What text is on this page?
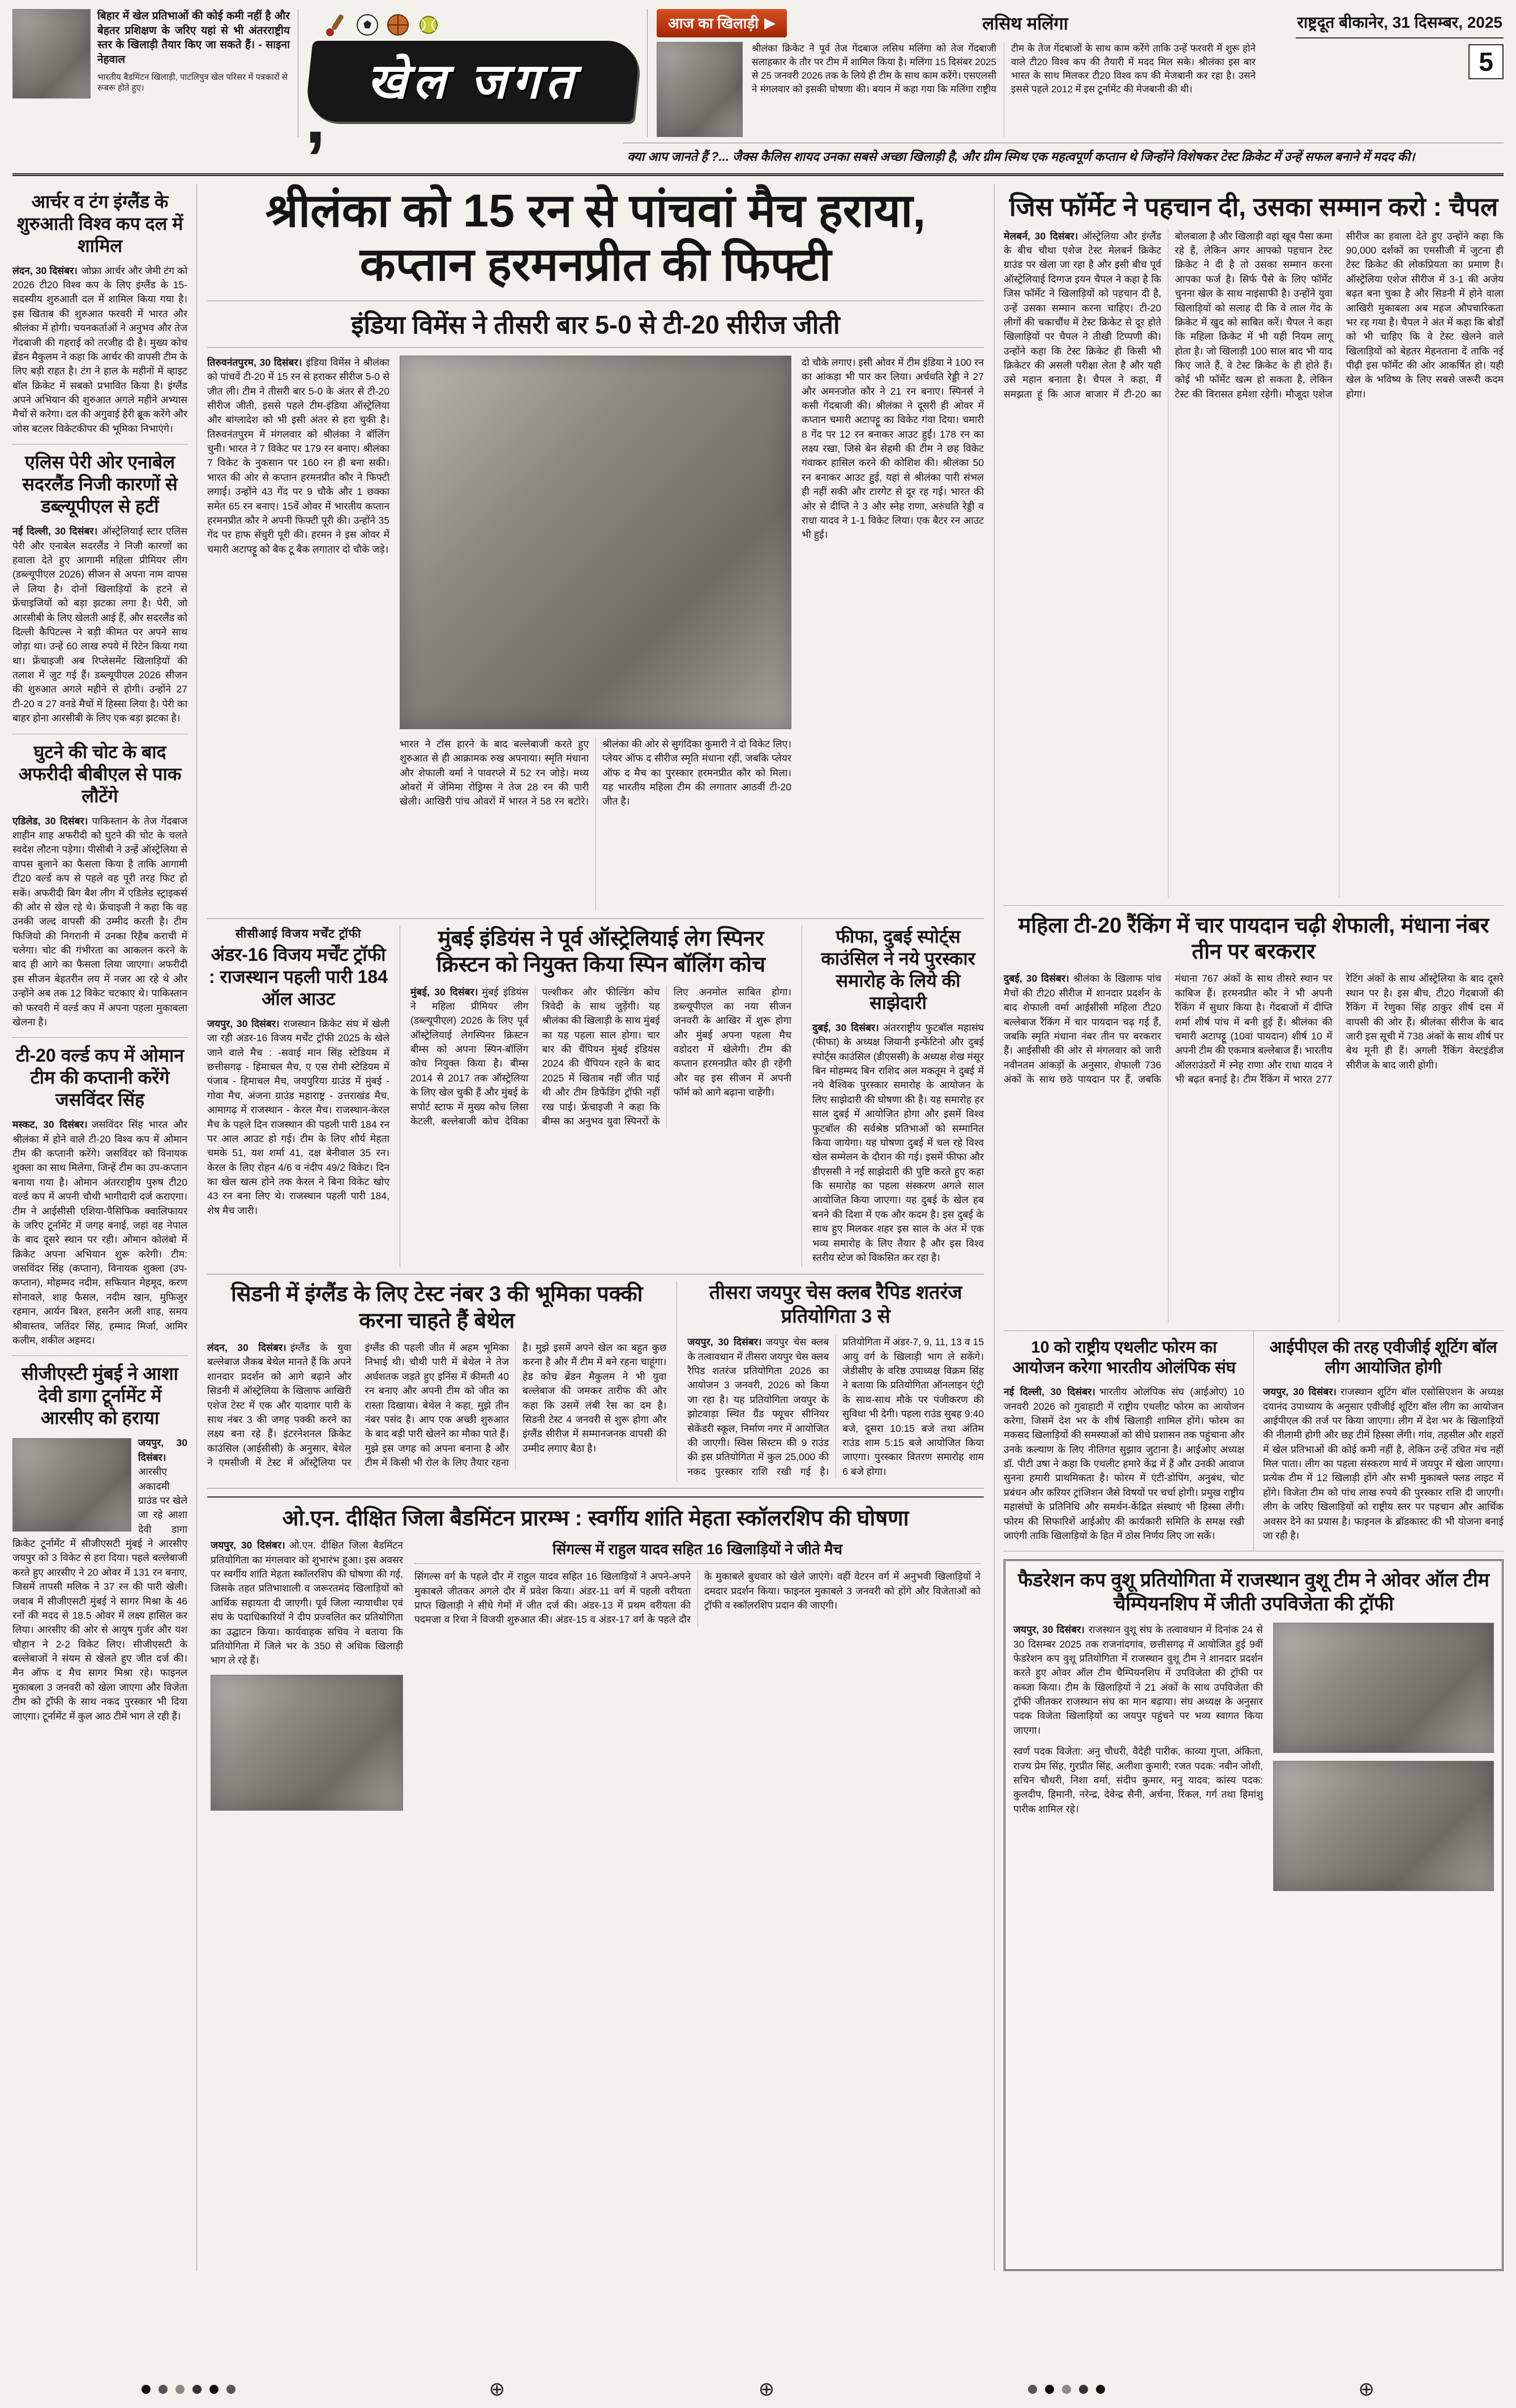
बिहार में खेल प्रतिभाओं की कोई कमी नहीं है और बेहतर प्रशिक्षण के जरिए यहां से भी अंतरराष्ट्रीय स्तर के खिलाड़ी तैयार किए जा सकते हैं। - साइना नेहवाल

भारतीय बैडमिंटन खिलाड़ी, पाटलिपुत्र खेल परिसर में पत्रकारों से रूबरू होते हुए।	खेल जगत
,
आज का खिलाड़ी ▶	लसिथ मलिंगा

श्रीलंका क्रिकेट ने पूर्व तेज गेंदबाज लसिथ मलिंगा को तेज गेंदबाजी सलाहकार के तौर पर टीम में शामिल किया है। मलिंगा 15 दिसंबर 2025 से 25 जनवरी 2026 तक के लिये ही टीम के साथ काम करेंगे। एसएलसी ने मंगलवार को इसकी घोषणा की। बयान में कहा गया कि मलिंगा राष्ट्रीय टीम के तेज गेंदबाजों के साथ काम करेंगे ताकि उन्हें फरवरी में शुरू होने वाले टी20 विश्व कप की तैयारी में मदद मिल सके। श्रीलंका इस बार भारत के साथ मिलकर टी20 विश्व कप की मेजबानी कर रहा है। उसने इससे पहले 2012 में इस टूर्नामेंट की मेजबानी की थी।

राष्ट्रदूत बीकानेर, 31 दिसम्बर, 2025
5
क्या आप जानते हैं ?... जैक्स कैलिस शायद उनका सबसे अच्छा खिलाड़ी है, और ग्रीम स्मिथ एक महत्वपूर्ण कप्तान थे जिन्होंने विशेषकर टेस्ट क्रिकेट में उन्हें सफल बनाने में मदद की।
आर्चर व टंग इंग्लैंड के शुरुआती विश्व कप दल में शामिल

लंदन, 30 दिसंबर। जोफ्रा आर्चर और जेमी टंग को 2026 टी20 विश्व कप के लिए इंग्लैंड के 15-सदस्यीय शुरुआती दल में शामिल किया गया है। इस खिताब की शुरुआत फरवरी में भारत और श्रीलंका में होगी। चयनकर्ताओं ने अनुभव और तेज गेंदबाजी की गहराई को तरजीह दी है। मुख्य कोच ब्रेंडन मैकुलम ने कहा कि आर्चर की वापसी टीम के लिए बड़ी राहत है। टंग ने हाल के महीनों में व्हाइट बॉल क्रिकेट में सबको प्रभावित किया है। इंग्लैंड अपने अभियान की शुरुआत अगले महीने अभ्यास मैचों से करेगा। दल की अगुवाई हैरी ब्रूक करेंगे और जोस बटलर विकेटकीपर की भूमिका निभाएंगे।

एलिस पेरी ओर एनाबेल सदरलैंड निजी कारणों से डब्ल्यूपीएल से हटीं

नई दिल्ली, 30 दिसंबर। ऑस्ट्रेलियाई स्टार एलिस पेरी और एनाबेल सदरलैंड ने निजी कारणों का हवाला देते हुए आगामी महिला प्रीमियर लीग (डब्ल्यूपीएल 2026) सीजन से अपना नाम वापस ले लिया है। दोनों खिलाड़ियों के हटने से फ्रेंचाइजियों को बड़ा झटका लगा है। पेरी, जो आरसीबी के लिए खेलती आई हैं, और सदरलैंड को दिल्ली कैपिटल्स ने बड़ी कीमत पर अपने साथ जोड़ा था। उन्हें 60 लाख रुपये में रिटेन किया गया था। फ्रेंचाइजी अब रिप्लेसमेंट खिलाड़ियों की तलाश में जुट गई हैं। डब्ल्यूपीएल 2026 सीजन की शुरुआत अगले महीने से होगी। उन्होंने 27 टी-20 व 27 वनडे मैचों में हिस्सा लिया है। पेरी का बाहर होना आरसीबी के लिए एक बड़ा झटका है।

घुटने की चोट के बाद अफरीदी बीबीएल से पाक लौटेंगे

एडिलेड, 30 दिसंबर। पाकिस्तान के तेज गेंदबाज शाहीन शाह अफरीदी को घुटने की चोट के चलते स्वदेश लौटना पड़ेगा। पीसीबी ने उन्हें ऑस्ट्रेलिया से वापस बुलाने का फैसला किया है ताकि आगामी टी20 वर्ल्ड कप से पहले वह पूरी तरह फिट हो सकें। अफरीदी बिग बैश लीग में एडिलेड स्ट्राइकर्स की ओर से खेल रहे थे। फ्रेंचाइजी ने कहा कि वह उनकी जल्द वापसी की उम्मीद करती है। टीम फिजियो की निगरानी में उनका रिहैब कराची में चलेगा। चोट की गंभीरता का आकलन करने के बाद ही आगे का फैसला लिया जाएगा। अफरीदी इस सीजन बेहतरीन लय में नजर आ रहे थे और उन्होंने अब तक 12 विकेट चटकाए थे। पाकिस्तान को फरवरी में वर्ल्ड कप में अपना पहला मुकाबला खेलना है।

टी-20 वर्ल्ड कप में ओमान टीम की कप्तानी करेंगे जसविंदर सिंह

मस्कट, 30 दिसंबर। जसविंदर सिंह भारत और श्रीलंका में होने वाले टी-20 विश्व कप में ओमान टीम की कप्तानी करेंगे। जसविंदर को विनायक शुक्ला का साथ मिलेगा, जिन्हें टीम का उप-कप्तान बनाया गया है। ओमान अंतरराष्ट्रीय पुरुष टी20 वर्ल्ड कप में अपनी चौथी भागीदारी दर्ज कराएगा। टीम ने आईसीसी एशिया-पैसिफिक क्वालिफायर के जरिए टूर्नामेंट में जगह बनाई, जहां वह नेपाल के बाद दूसरे स्थान पर रही। ओमान कोलंबो में क्रिकेट अपना अभियान शुरू करेगी। टीम: जसविंदर सिंह (कप्तान), विनायक शुक्ला (उप-कप्तान), मोहम्मद नदीम, सफियान मेहमूद, करण सोनावले, शाह फैसल, नदीम खान, मुफिजुर रहमान, आर्यन बिश्त, हसनैन अली शाह, समय श्रीवास्तव, जतिंदर सिंह, हम्माद मिर्जा, आमिर कलीम, शकील अहमद।

सीजीएस्टी मुंबई ने आशा देवी डागा टूर्नामेंट में आरसीए को हराया

जयपुर, 30 दिसंबर।आरसीए अकादमी ग्राउंड पर खेले जा रहे आशा देवी डागा क्रिकेट टूर्नामेंट में सीजीएसटी मुंबई ने आरसीए जयपुर को 3 विकेट से हरा दिया। पहले बल्लेबाजी करते हुए आरसीए ने 20 ओवर में 131 रन बनाए, जिसमें तापसी मलिक ने 37 रन की पारी खेली। जवाब में सीजीएसटी मुंबई ने सागर मिश्रा के 46 रनों की मदद से 18.5 ओवर में लक्ष्य हासिल कर लिया। आरसीए की ओर से आयुष गुर्जर और यश चौहान ने 2-2 विकेट लिए। सीजीएसटी के बल्लेबाजों ने संयम से खेलते हुए जीत दर्ज की। मैन ऑफ द मैच सागर मिश्रा रहे। फाइनल मुकाबला 3 जनवरी को खेला जाएगा और विजेता टीम को ट्रॉफी के साथ नकद पुरस्कार भी दिया जाएगा। टूर्नामेंट में कुल आठ टीमें भाग ले रही हैं।

श्रीलंका को 15 रन से पांचवां मैच हराया, कप्तान हरमनप्रीत की फिफ्टी
इंडिया विमेंस ने तीसरी बार 5-0 से टी-20 सीरीज जीती

तिरुवनंतपुरम, 30 दिसंबर। इंडिया विमेंस ने श्रीलंका को पांचवें टी-20 में 15 रन से हराकर सीरीज 5-0 से जीत ली। टीम ने तीसरी बार 5-0 के अंतर से टी-20 सीरीज जीती, इससे पहले टीम-इंडिया ऑस्ट्रेलिया और बांग्लादेश को भी इसी अंतर से हरा चुकी है। तिरुवनंतपुरम में मंगलवार को श्रीलंका ने बॉलिंग चुनी। भारत ने 7 विकेट पर 179 रन बनाए। श्रीलंका 7 विकेट के नुकसान पर 160 रन ही बना सकी। भारत की ओर से कप्तान हरमनप्रीत कौर ने फिफ्टी लगाई। उन्होंने 43 गेंद पर 9 चौके और 1 छक्का समेत 65 रन बनाए। 15वें ओवर में भारतीय कप्तान हरमनप्रीत कौर ने अपनी फिफ्टी पूरी की। उन्होंने 35 गेंद पर हाफ सेंचुरी पूरी की। हरमन ने इस ओवर में चमारी अटापट्टू को बैक टू बैक लगातार दो चौके जड़े।

भारत ने टॉस हारने के बाद बल्लेबाजी करते हुए शुरुआत से ही आक्रामक रुख अपनाया। स्मृति मंधाना और शेफाली वर्मा ने पावरप्ले में 52 रन जोड़े। मध्य ओवरों में जेमिमा रोड्रिग्स ने तेज 28 रन की पारी खेली। आखिरी पांच ओवरों में भारत ने 58 रन बटोरे। श्रीलंका की ओर से सुगंदिका कुमारी ने दो विकेट लिए। प्लेयर ऑफ द सीरीज स्मृति मंधाना रहीं, जबकि प्लेयर ऑफ द मैच का पुरस्कार हरमनप्रीत कौर को मिला। यह भारतीय महिला टीम की लगातार आठवीं टी-20 जीत है।

दो चौके लगाए। इसी ओवर में टीम इंडिया ने 100 रन का आंकड़ा भी पार कर लिया। अर्चधति रेड्डी ने 27 और अमनजोत कौर ने 21 रन बनाए। स्पिनर्स ने कसी गेंदबाजी की। श्रीलंका ने दूसरी ही ओवर में कप्तान चमारी अटापट्टू का विकेट गंवा दिया। चमारी 8 गेंद पर 12 रन बनाकर आउट हुईं। 178 रन का लक्ष्य रखा, जिसे बेन सेहमी की टीम ने छह विकेट गंवाकर हासिल करने की कोशिश की। श्रीलंका 50 रन बनाकर आउट हुई, यहां से श्रीलंका पारी संभल ही नहीं सकी और टारगेट से दूर रह गई। भारत की ओर से दीप्ति ने 3 और स्नेह राणा, अरुंधति रेड्डी व राधा यादव ने 1-1 विकेट लिया। एक बैटर रन आउट भी हुई।

सीसीआई विजय मर्चेंट ट्रॉफी
अंडर-16 विजय मर्चेंट ट्रॉफी : राजस्थान पहली पारी 184 ऑल आउट

जयपुर, 30 दिसंबर। राजस्थान क्रिकेट संघ में खेली जा रही अंडर-16 विजय मर्चेंट ट्रॉफी 2025 के खेले जाने वाले मैच : -सवाई मान सिंह स्टेडियम में छत्तीसगढ़ - हिमाचल मैच, ए एस रोमी स्टेडियम में पंजाब - हिमाचल मैच, जयपुरिया ग्राउंड में मुंबई - गोवा मैच, अंजना ग्राउंड महाराष्ट्र - उत्तराखंड मैच, आमागढ़ में राजस्थान - केरल मैच। राजस्थान-केरल मैच के पहले दिन राजस्थान की पहली पारी 184 रन पर आल आउट हो गई। टीम के लिए शौर्य मेहता चमके 51, यश शर्मा 41, दक्ष बेनीवाल 35 रन। केरल के लिए रोहन 4/6 व नंदीप 49/2 विकेट। दिन का खेल खत्म होने तक केरल ने बिना विकेट खोए 43 रन बना लिए थे। राजस्थान पहली पारी 184, शेष मैच जारी।

मुंबई इंडियंस ने पूर्व ऑस्ट्रेलियाई लेग स्पिनर क्रिस्टन को नियुक्त किया स्पिन बॉलिंग कोच

मुंबई, 30 दिसंबर। मुंबई इंडियंस ने महिला प्रीमियर लीग (डब्ल्यूपीएल) 2026 के लिए पूर्व ऑस्ट्रेलियाई लेगस्पिनर क्रिस्टन बीम्स को अपना स्पिन-बॉलिंग कोच नियुक्त किया है। बीम्स 2014 से 2017 तक ऑस्ट्रेलिया के लिए खेल चुकी हैं और मुंबई के सपोर्ट स्टाफ में मुख्य कोच लिसा केटली, बल्लेबाजी कोच देविका पल्शीकर और फील्डिंग कोच त्रिवेदी के साथ जुड़ेंगी। यह श्रीलंका की खिलाड़ी के साथ मुंबई का यह पहला साल होगा। चार बार की चैंपियन मुंबई इंडियंस 2024 की चैंपियन रहने के बाद 2025 में खिताब नहीं जीत पाई थी और टीम डिफेंडिंग ट्रॉफी नहीं रख पाई। फ्रेंचाइजी ने कहा कि बीम्स का अनुभव युवा स्पिनरों के लिए अनमोल साबित होगा। डब्ल्यूपीएल का नया सीजन जनवरी के आखिर में शुरू होगा और मुंबई अपना पहला मैच वडोदरा में खेलेगी। टीम की कप्तान हरमनप्रीत कौर ही रहेंगी और वह इस सीजन में अपनी फॉर्म को आगे बढ़ाना चाहेंगी।

फीफा, दुबई स्पोर्ट्स काउंसिल ने नये पुरस्कार समारोह के लिये की साझेदारी

दुबई, 30 दिसंबर। अंतरराष्ट्रीय फुटबॉल महासंघ (फीफा) के अध्यक्ष जियानी इन्फेंटिनो और दुबई स्पोर्ट्स काउंसिल (डीएससी) के अध्यक्ष शेख मंसूर बिन मोहम्मद बिन राशिद अल मकतूम ने दुबई में नये वैश्विक पुरस्कार समारोह के आयोजन के लिए साझेदारी की घोषणा की है। यह समारोह हर साल दुबई में आयोजित होगा और इसमें विश्व फुटबॉल की सर्वश्रेष्ठ प्रतिभाओं को सम्मानित किया जायेगा। यह घोषणा दुबई में चल रहे विश्व खेल सम्मेलन के दौरान की गई। इसमें फीफा और डीएससी ने नई साझेदारी की पुष्टि करते हुए कहा कि समारोह का पहला संस्करण अगले साल आयोजित किया जाएगा। यह दुबई के खेल हब बनने की दिशा में एक और कदम है। इस दुबई के साथ हुए मिलकर शहर इस साल के अंत में एक भव्य समारोह के लिए तैयार है और इस विश्व स्तरीय स्टेज को विकसित कर रहा है।

सिडनी में इंग्लैंड के लिए टेस्ट नंबर 3 की भूमिका पक्की करना चाहते हैं बेथेल

लंदन, 30 दिसंबर। इंग्लैंड के युवा बल्लेबाज जैकब बेथेल मानते हैं कि अपने शानदार प्रदर्शन को आगे बढ़ाने और सिडनी में ऑस्ट्रेलिया के खिलाफ आखिरी एशेज टेस्ट में एक और यादगार पारी के साथ नंबर 3 की जगह पक्की करने का लक्ष्य बना रहे हैं। इंटरनेशनल क्रिकेट काउंसिल (आईसीसी) के अनुसार, बेथेल ने एमसीजी में टेस्ट में ऑस्ट्रेलिया पर इंग्लैंड की पहली जीत में अहम भूमिका निभाई थी। चौथी पारी में बेथेल ने तेज अर्धशतक जड़ते हुए इनिंस में कीमती 40 रन बनाए और अपनी टीम को जीत का रास्ता दिखाया। बेथेल ने कहा, मुझे तीन नंबर पसंद है। आप एक अच्छी शुरुआत के बाद बड़ी पारी खेलने का मौका पाते हैं। मुझे इस जगह को अपना बनाना है और टीम में किसी भी रोल के लिए तैयार रहना है। मुझे इसमें अपने खेल का बहुत कुछ करना है और मैं टीम में बने रहना चाहूंगा। हेड कोच ब्रेंडन मैकुलम ने भी युवा बल्लेबाज की जमकर तारीफ की और कहा कि उसमें लंबी रेस का दम है। सिडनी टेस्ट 4 जनवरी से शुरू होगा और इंग्लैंड सीरीज में सम्मानजनक वापसी की उम्मीद लगाए बैठा है।

तीसरा जयपुर चेस क्लब रैपिड शतरंज प्रतियोगिता 3 से

जयपुर, 30 दिसंबर। जयपुर चेस क्लब के तत्वावधान में तीसरा जयपुर चेस क्लब रैपिड शतरंज प्रतियोगिता 2026 का आयोजन 3 जनवरी, 2026 को किया जा रहा है। यह प्रतियोगिता जयपुर के झोटवाड़ा स्थित ग्रैंड फ्यूचर सीनियर सेकेंडरी स्कूल, निर्माण नगर में आयोजित की जाएगी। स्विस सिस्टम की 9 राउंड की इस प्रतियोगिता में कुल 25,000 की नकद पुरस्कार राशि रखी गई है। प्रतियोगिता में अंडर-7, 9, 11, 13 व 15 आयु वर्ग के खिलाड़ी भाग ले सकेंगे। जेडीसीए के वरिष्ठ उपाध्यक्ष विक्रम सिंह ने बताया कि प्रतियोगिता ऑनलाइन एंट्री के साथ-साथ मौके पर पंजीकरण की सुविधा भी देगी। पहला राउंड सुबह 9:40 बजे, दूसरा 10:15 बजे तथा अंतिम राउंड शाम 5:15 बजे आयोजित किया जाएगा। पुरस्कार वितरण समारोह शाम 6 बजे होगा।

ओ.एन. दीक्षित जिला बैडमिंटन प्रारम्भ : स्वर्गीय शांति मेहता स्कॉलरशिप की घोषणा

जयपुर, 30 दिसंबर। ओ.एन. दीक्षित जिला बैडमिंटन प्रतियोगिता का मंगलवार को शुभारंभ हुआ। इस अवसर पर स्वर्गीय शांति मेहता स्कॉलरशिप की घोषणा की गई, जिसके तहत प्रतिभाशाली व जरूरतमंद खिलाड़ियों को आर्थिक सहायता दी जाएगी। पूर्व जिला न्यायाधीश एवं संघ के पदाधिकारियों ने दीप प्रज्वलित कर प्रतियोगिता का उद्घाटन किया। कार्यवाहक सचिव ने बताया कि प्रतियोगिता में जिले भर के 350 से अधिक खिलाड़ी भाग ले रहे हैं।

सिंगल्स में राहुल यादव सहित 16 खिलाड़ियों ने जीते मैच

सिंगल्स वर्ग के पहले दौर में राहुल यादव सहित 16 खिलाड़ियों ने अपने-अपने मुकाबले जीतकर अगले दौर में प्रवेश किया। अंडर-11 वर्ग में पहली वरीयता प्राप्त खिलाड़ी ने सीधे गेमों में जीत दर्ज की। अंडर-13 में प्रथम वरीयता की पदमजा व रिचा ने विजयी शुरुआत की। अंडर-15 व अंडर-17 वर्ग के पहले दौर के मुकाबले बुधवार को खेले जाएंगे। वहीं वेटरन वर्ग में अनुभवी खिलाड़ियों ने दमदार प्रदर्शन किया। फाइनल मुकाबले 3 जनवरी को होंगे और विजेताओं को ट्रॉफी व स्कॉलरशिप प्रदान की जाएगी।

जिस फॉर्मेट ने पहचान दी, उसका सम्मान करो : चैपल

मेलबर्न, 30 दिसंबर। ऑस्ट्रेलिया और इंग्लैंड के बीच चौथा एशेज टेस्ट मेलबर्न क्रिकेट ग्राउंड पर खेला जा रहा है और इसी बीच पूर्व ऑस्ट्रेलियाई दिग्गज इयन चैपल ने कहा है कि जिस फॉर्मेट ने खिलाड़ियों को पहचान दी है, उन्हें उसका सम्मान करना चाहिए। टी-20 लीगों की चकाचौंध में टेस्ट क्रिकेट से दूर होते खिलाड़ियों पर चैपल ने तीखी टिप्पणी की। उन्होंने कहा कि टेस्ट क्रिकेट ही किसी भी क्रिकेटर की असली परीक्षा लेता है और यही उसे महान बनाता है। चैपल ने कहा, मैं समझता हूं कि आज बाजार में टी-20 का बोलबाला है और खिलाड़ी वहां खूब पैसा कमा रहे हैं, लेकिन अगर आपको पहचान टेस्ट क्रिकेट ने दी है तो उसका सम्मान करना आपका फर्ज है। सिर्फ पैसे के लिए फॉर्मेट चुनना खेल के साथ नाइंसाफी है। उन्होंने युवा खिलाड़ियों को सलाह दी कि वे लाल गेंद के क्रिकेट में खुद को साबित करें। चैपल ने कहा कि महिला क्रिकेट में भी यही नियम लागू होता है। जो खिलाड़ी 100 साल बाद भी याद किए जाते हैं, वे टेस्ट क्रिकेट के ही होते हैं। कोई भी फॉर्मेट खत्म हो सकता है, लेकिन टेस्ट की विरासत हमेशा रहेगी। मौजूदा एशेज सीरीज का हवाला देते हुए उन्होंने कहा कि 90,000 दर्शकों का एमसीजी में जुटना ही टेस्ट क्रिकेट की लोकप्रियता का प्रमाण है। ऑस्ट्रेलिया एशेज सीरीज में 3-1 की अजेय बढ़त बना चुका है और सिडनी में होने वाला आखिरी मुकाबला अब महज औपचारिकता भर रह गया है। चैपल ने अंत में कहा कि बोर्डों को भी चाहिए कि वे टेस्ट खेलने वाले खिलाड़ियों को बेहतर मेहनताना दें ताकि नई पीढ़ी इस फॉर्मेट की ओर आकर्षित हो। यही खेल के भविष्य के लिए सबसे जरूरी कदम होगा।

महिला टी-20 रैंकिंग में चार पायदान चढ़ी शेफाली, मंधाना नंबर तीन पर बरकरार

दुबई, 30 दिसंबर। श्रीलंका के खिलाफ पांच मैचों की टी20 सीरीज में शानदार प्रदर्शन के बाद शेफाली वर्मा आईसीसी महिला टी20 बल्लेबाज रैंकिंग में चार पायदान चढ़ गई हैं, जबकि स्मृति मंधाना नंबर तीन पर बरकरार हैं। आईसीसी की ओर से मंगलवार को जारी नवीनतम आंकड़ों के अनुसार, शेफाली 736 अंकों के साथ छठे पायदान पर हैं, जबकि मंधाना 767 अंकों के साथ तीसरे स्थान पर काबिज हैं। हरमनप्रीत कौर ने भी अपनी रैंकिंग में सुधार किया है। गेंदबाजों में दीप्ति शर्मा शीर्ष पांच में बनी हुई हैं। श्रीलंका की चमारी अटापट्टू (10वां पायदान) शीर्ष 10 में अपनी टीम की एकमात्र बल्लेबाज हैं। भारतीय ऑलराउंडरों में स्नेह राणा और राधा यादव ने भी बढ़त बनाई है। टीम रैंकिंग में भारत 277 रेटिंग अंकों के साथ ऑस्ट्रेलिया के बाद दूसरे स्थान पर है। इस बीच, टी20 गेंदबाजों की रैंकिंग में रेणुका सिंह ठाकुर शीर्ष दस में वापसी की ओर हैं। श्रीलंका सीरीज के बाद जारी इस सूची में 738 अंकों के साथ शीर्ष पर बेथ मूनी ही हैं। अगली रैंकिंग वेस्टइंडीज सीरीज के बाद जारी होगी।

10 को राष्ट्रीय एथलीट फोरम का आयोजन करेगा भारतीय ओलंपिक संघ

नई दिल्ली, 30 दिसंबर। भारतीय ओलंपिक संघ (आईओए) 10 जनवरी 2026 को गुवाहाटी में राष्ट्रीय एथलीट फोरम का आयोजन करेगा, जिसमें देश भर के शीर्ष खिलाड़ी शामिल होंगे। फोरम का मकसद खिलाड़ियों की समस्याओं को सीधे प्रशासन तक पहुंचाना और उनके कल्याण के लिए नीतिगत सुझाव जुटाना है। आईओए अध्यक्ष डॉ. पीटी उषा ने कहा कि एथलीट हमारे केंद्र में हैं और उनकी आवाज सुनना हमारी प्राथमिकता है। फोरम में एंटी-डोपिंग, अनुबंध, चोट प्रबंधन और करियर ट्रांजिशन जैसे विषयों पर चर्चा होगी। प्रमुख राष्ट्रीय महासंघों के प्रतिनिधि और समर्थन-केंद्रित संस्थाएं भी हिस्सा लेंगी। फोरम की सिफारिशें आईओए की कार्यकारी समिति के समक्ष रखी जाएंगी ताकि खिलाड़ियों के हित में ठोस निर्णय लिए जा सकें।

आईपीएल की तरह एवीजीई शूटिंग बॉल लीग आयोजित होगी

जयपुर, 30 दिसंबर। राजस्थान शूटिंग बॉल एसोसिएशन के अध्यक्ष दयानंद उपाध्याय के अनुसार एवीजीई शूटिंग बॉल लीग का आयोजन आईपीएल की तर्ज पर किया जाएगा। लीग में देश भर के खिलाड़ियों की नीलामी होगी और छह टीमें हिस्सा लेंगी। गांव, तहसील और शहरों में खेल प्रतिभाओं की कोई कमी नहीं है, लेकिन उन्हें उचित मंच नहीं मिल पाता। लीग का पहला संस्करण मार्च में जयपुर में खेला जाएगा। प्रत्येक टीम में 12 खिलाड़ी होंगे और सभी मुकाबले फ्लड लाइट में होंगे। विजेता टीम को पांच लाख रुपये की पुरस्कार राशि दी जाएगी। लीग के जरिए खिलाड़ियों को राष्ट्रीय स्तर पर पहचान और आर्थिक अवसर देने का प्रयास है। फाइनल के ब्रॉडकास्ट की भी योजना बनाई जा रही है।

फैडरेशन कप वुशू प्रतियोगिता में राजस्थान वुशू टीम ने ओवर ऑल टीम चैम्पियनशिप में जीती उपविजेता की ट्रॉफी

जयपुर, 30 दिसंबर। राजस्थान वुशू संघ के तत्वावधान में दिनांक 24 से 30 दिसम्बर 2025 तक राजनांदगांव, छत्तीसगढ़ में आयोजित हुई 9वीं फेडरेशन कप वुशू प्रतियोगिता में राजस्थान वुशू टीम ने शानदार प्रदर्शन करते हुए ओवर ऑल टीम चैम्पियनशिप में उपविजेता की ट्रॉफी पर कब्जा किया। टीम के खिलाड़ियों ने 21 अंकों के साथ उपविजेता की ट्रॉफी जीतकर राजस्थान संघ का मान बढ़ाया। संघ अध्यक्ष के अनुसार पदक विजेता खिलाड़ियों का जयपुर पहुंचने पर भव्य स्वागत किया जाएगा।

स्वर्ण पदक विजेता: अनु चौधरी, वैदेही पारीक, काव्या गुप्ता, अंकिता, राज्य प्रेम सिंह, गुरप्रीत सिंह, अलीशा कुमारी; रजत पदक: नवीन जोशी, सचिन चौधरी, निशा वर्मा, संदीप कुमार, मनु यादव; कांस्य पदक: कुलदीप, हिमानी, नरेन्द्र, देवेन्द्र सैनी, अर्चना, रिंकल, गर्ग तथा हिमांशु पारीक शामिल रहे।

⊕	⊕	⊕
